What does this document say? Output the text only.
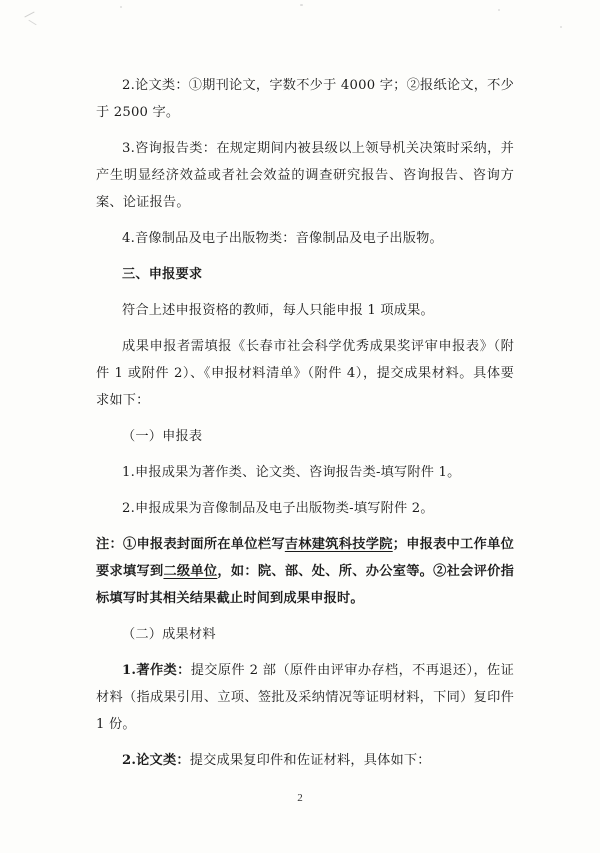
2.论文类：①期刊论文，字数不少于 4000 字；②报纸论文，不少于 2500 字。

3.咨询报告类：在规定期间内被县级以上领导机关决策时采纳，并产生明显经济效益或者社会效益的调查研究报告、咨询报告、咨询方案、论证报告。

4.音像制品及电子出版物类：音像制品及电子出版物。

三、申报要求

符合上述申报资格的教师，每人只能申报 1 项成果。

成果申报者需填报《长春市社会科学优秀成果奖评审申报表》（附件 1 或附件 2）、《申报材料清单》（附件 4），提交成果材料。具体要求如下：

（一）申报表

1.申报成果为著作类、论文类、咨询报告类-填写附件 1。

2.申报成果为音像制品及电子出版物类-填写附件 2。

注：①申报表封面所在单位栏写吉林建筑科技学院；申报表中工作单位要求填写到二级单位，如：院、部、处、所、办公室等。②社会评价指标填写时其相关结果截止时间到成果申报时。

（二）成果材料

1.著作类：提交原件 2 部（原件由评审办存档，不再退还），佐证材料（指成果引用、立项、签批及采纳情况等证明材料，下同）复印件 1 份。

2.论文类：提交成果复印件和佐证材料，具体如下：

2
